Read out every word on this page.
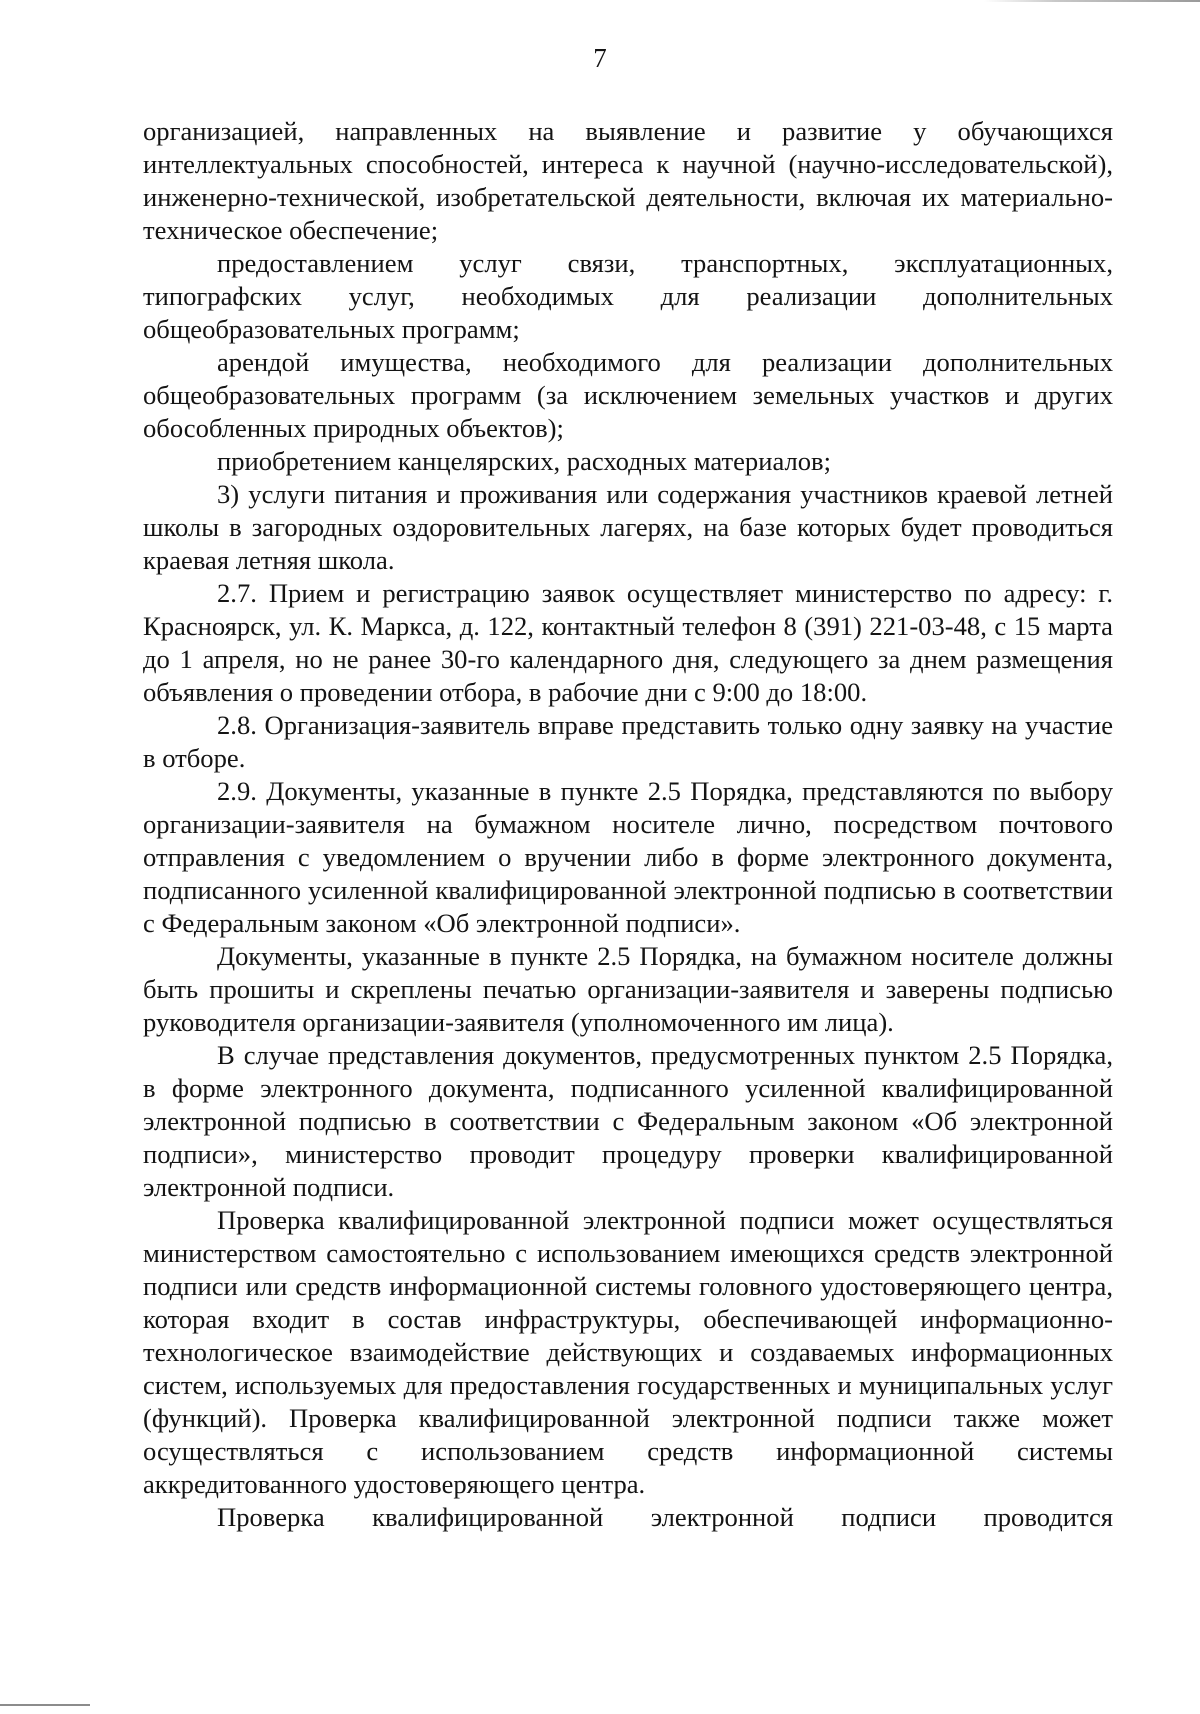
7

организацией, направленных на выявление и развитие у обучающихся интеллектуальных способностей, интереса к научной (научно-исследовательской), инженерно-технической, изобретательской деятельности, включая их материально-техническое обеспечение;

предоставлением услуг связи, транспортных, эксплуатационных, типографских услуг, необходимых для реализации дополнительных общеобразовательных программ;

арендой имущества, необходимого для реализации дополнительных общеобразовательных программ (за исключением земельных участков и других обособленных природных объектов);

приобретением канцелярских, расходных материалов;

3) услуги питания и проживания или содержания участников краевой летней школы в загородных оздоровительных лагерях, на базе которых будет проводиться краевая летняя школа.

2.7. Прием и регистрацию заявок осуществляет министерство по адресу: г. Красноярск, ул. К. Маркса, д. 122, контактный телефон 8 (391) 221-03-48, с 15 марта до 1 апреля, но не ранее 30-го календарного дня, следующего за днем размещения объявления о проведении отбора, в рабочие дни с 9:00 до 18:00.

2.8. Организация-заявитель вправе представить только одну заявку на участие в отборе.

2.9. Документы, указанные в пункте 2.5 Порядка, представляются по выбору организации-заявителя на бумажном носителе лично, посредством почтового отправления с уведомлением о вручении либо в форме электронного документа, подписанного усиленной квалифицированной электронной подписью в соответствии с Федеральным законом «Об электронной подписи».

Документы, указанные в пункте 2.5 Порядка, на бумажном носителе должны быть прошиты и скреплены печатью организации-заявителя и заверены подписью руководителя организации-заявителя (уполномоченного им лица).

В случае представления документов, предусмотренных пунктом 2.5 Порядка, в форме электронного документа, подписанного усиленной квалифицированной электронной подписью в соответствии с Федеральным законом «Об электронной подписи», министерство проводит процедуру проверки квалифицированной электронной подписи.

Проверка квалифицированной электронной подписи может осуществляться министерством самостоятельно с использованием имеющихся средств электронной подписи или средств информационной системы головного удостоверяющего центра, которая входит в состав инфраструктуры, обеспечивающей информационно-технологическое взаимодействие действующих и создаваемых информационных систем, используемых для предоставления государственных и муниципальных услуг (функций). Проверка квалифицированной электронной подписи также может осуществляться с использованием средств информационной системы аккредитованного удостоверяющего центра.

Проверка квалифицированной электронной подписи проводится
